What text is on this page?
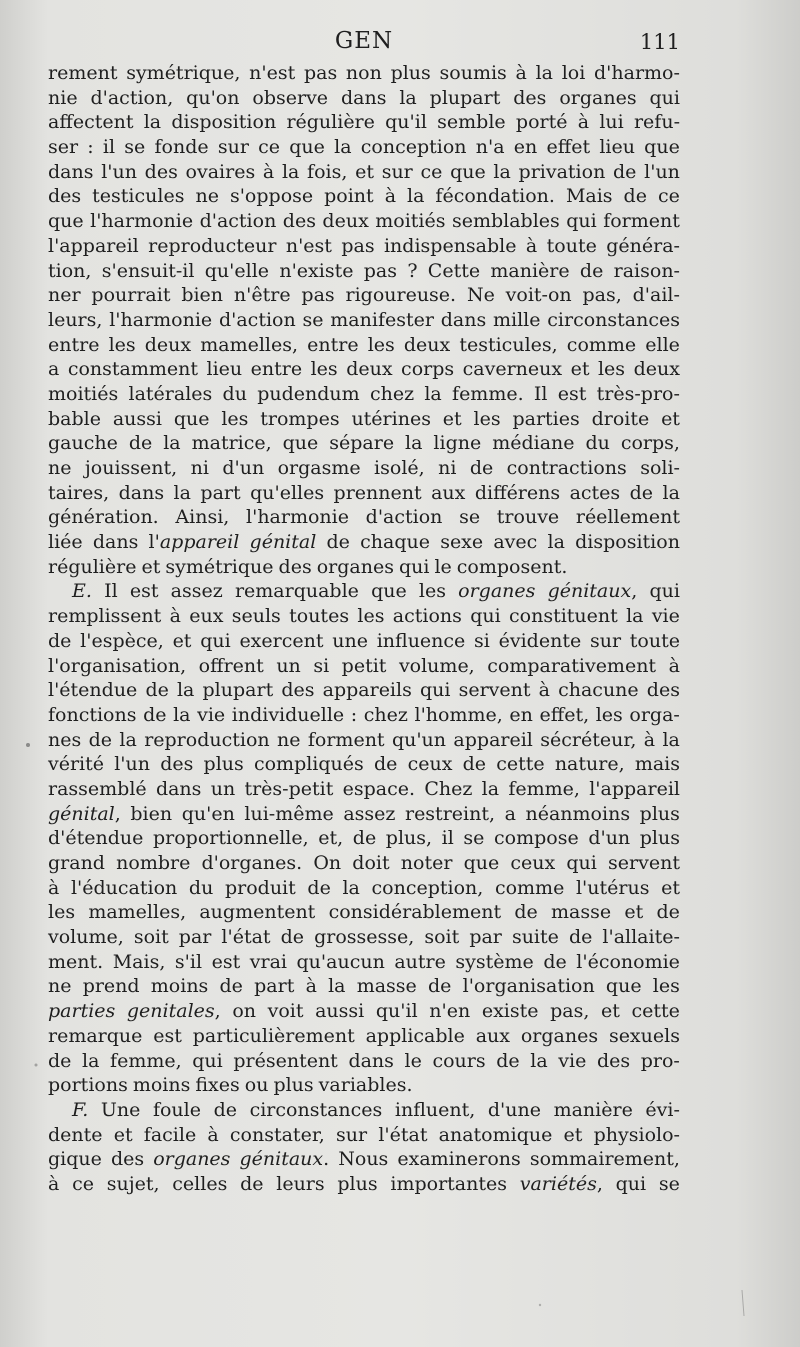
GEN	111
rement symétrique, n'est pas non plus soumis à la loi d'harmo-
nie d'action, qu'on observe dans la plupart des organes qui
affectent la disposition régulière qu'il semble porté à lui refu-
ser : il se fonde sur ce que la conception n'a en effet lieu que
dans l'un des ovaires à la fois, et sur ce que la privation de l'un
des testicules ne s'oppose point à la fécondation. Mais de ce
que l'harmonie d'action des deux moitiés semblables qui forment
l'appareil reproducteur n'est pas indispensable à toute généra-
tion, s'ensuit-il qu'elle n'existe pas ? Cette manière de raison-
ner pourrait bien n'être pas rigoureuse. Ne voit-on pas, d'ail-
leurs, l'harmonie d'action se manifester dans mille circonstances
entre les deux mamelles, entre les deux testicules, comme elle
a constamment lieu entre les deux corps caverneux et les deux
moitiés latérales du pudendum chez la femme. Il est très-pro-
bable aussi que les trompes utérines et les parties droite et
gauche de la matrice, que sépare la ligne médiane du corps,
ne jouissent, ni d'un orgasme isolé, ni de contractions soli-
taires, dans la part qu'elles prennent aux différens actes de la
génération. Ainsi, l'harmonie d'action se trouve réellement
liée dans l'appareil génital de chaque sexe avec la disposition
régulière et symétrique des organes qui le composent.
E. Il est assez remarquable que les organes génitaux, qui
remplissent à eux seuls toutes les actions qui constituent la vie
de l'espèce, et qui exercent une influence si évidente sur toute
l'organisation, offrent un si petit volume, comparativement à
l'étendue de la plupart des appareils qui servent à chacune des
fonctions de la vie individuelle : chez l'homme, en effet, les orga-
nes de la reproduction ne forment qu'un appareil sécréteur, à la
vérité l'un des plus compliqués de ceux de cette nature, mais
rassemblé dans un très-petit espace. Chez la femme, l'appareil
génital, bien qu'en lui-même assez restreint, a néanmoins plus
d'étendue proportionnelle, et, de plus, il se compose d'un plus
grand nombre d'organes. On doit noter que ceux qui servent
à l'éducation du produit de la conception, comme l'utérus et
les mamelles, augmentent considérablement de masse et de
volume, soit par l'état de grossesse, soit par suite de l'allaite-
ment. Mais, s'il est vrai qu'aucun autre système de l'économie
ne prend moins de part à la masse de l'organisation que les
parties genitales, on voit aussi qu'il n'en existe pas, et cette
remarque est particulièrement applicable aux organes sexuels
de la femme, qui présentent dans le cours de la vie des pro-
portions moins fixes ou plus variables.
F. Une foule de circonstances influent, d'une manière évi-
dente et facile à constater, sur l'état anatomique et physiolo-
gique des organes génitaux. Nous examinerons sommairement,
à ce sujet, celles de leurs plus importantes variétés, qui se
